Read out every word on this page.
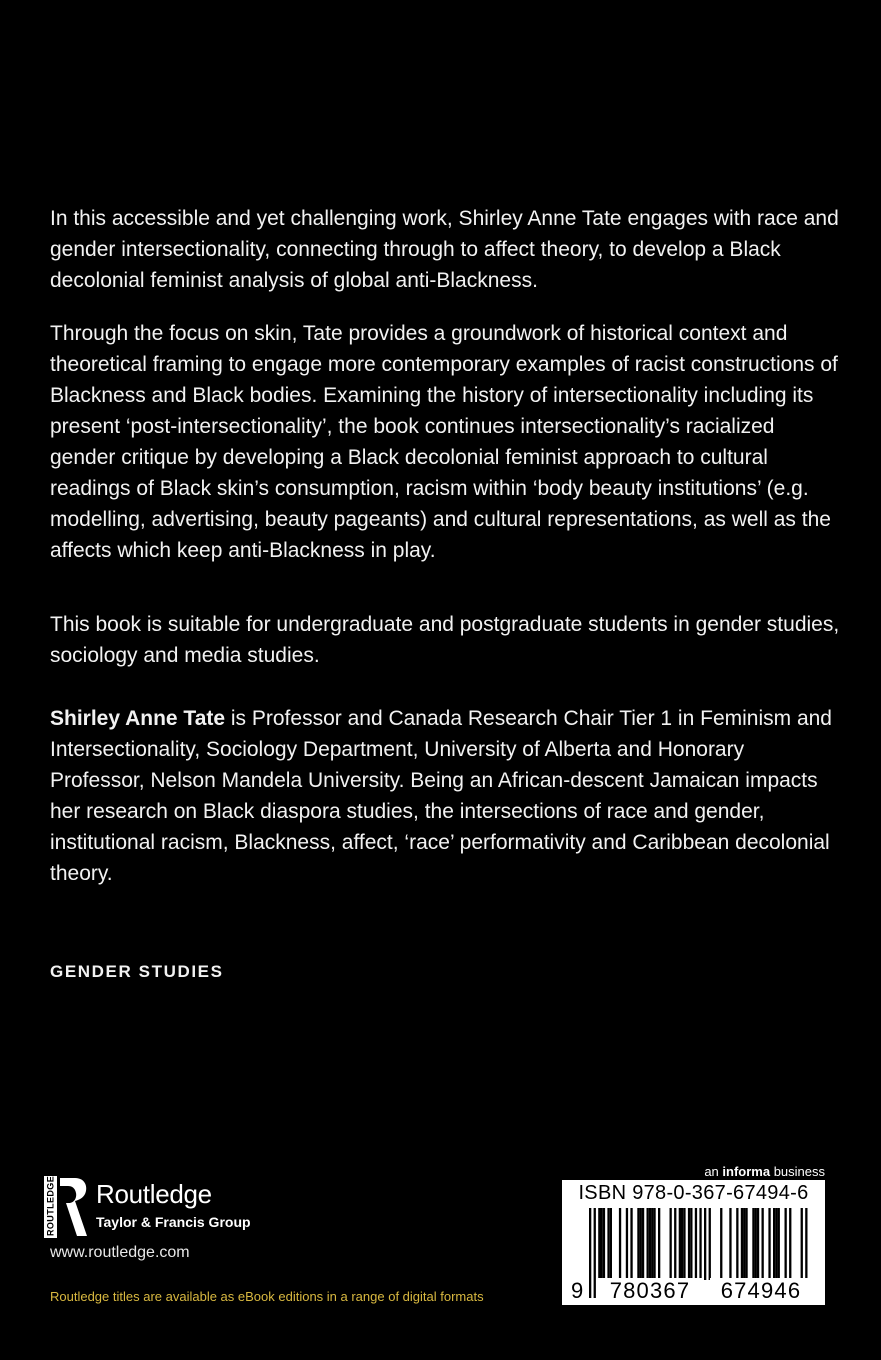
In this accessible and yet challenging work, Shirley Anne Tate engages with race and gender intersectionality, connecting through to affect theory, to develop a Black decolonial feminist analysis of global anti-Blackness.

Through the focus on skin, Tate provides a groundwork of historical context and theoretical framing to engage more contemporary examples of racist constructions of Blackness and Black bodies. Examining the history of intersectionality including its present ‘post-intersectionality’, the book continues intersectionality’s racialized gender critique by developing a Black decolonial feminist approach to cultural readings of Black skin’s consumption, racism within ‘body beauty institutions’ (e.g. modelling, advertising, beauty pageants) and cultural representations, as well as the affects which keep anti-Blackness in play.

This book is suitable for undergraduate and postgraduate students in gender studies, sociology and media studies.

Shirley Anne Tate is Professor and Canada Research Chair Tier 1 in Feminism and Intersectionality, Sociology Department, University of Alberta and Honorary Professor, Nelson Mandela University. Being an African-descent Jamaican impacts her research on Black diaspora studies, the intersections of race and gender, institutional racism, Blackness, affect, ‘race’ performativity and Caribbean decolonial theory.

GENDER STUDIES

ROUTLEDGE Routledge
Taylor & Francis Group
www.routledge.com
Routledge titles are available as eBook editions in a range of digital formats
an informa business
ISBN 978-0-367-67494-6
9	780367	674946
